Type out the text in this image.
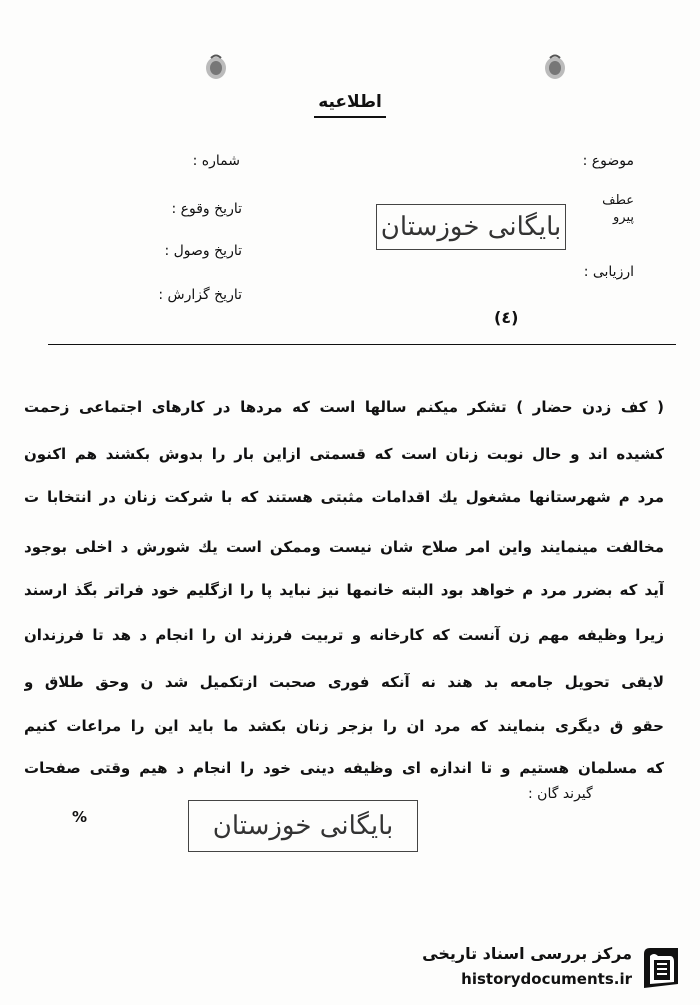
اطلاعیه
شماره :
تاریخ وقوع :
تاریخ وصول :
تاریخ گزارش :
موضوع :
عطف
پیرو
ارزیابی :
بایگانی خوزستان
(٤)
( کف زدن حضار ) تشکر میکنم سالها است که مردها در کارهای اجتماعی زحمت
کشیده اند و حال نوبت زنان است که قسمتی ازاین بار را بدوش بکشند هم اکنون
مرد م شهرستانها مشغول یك اقدامات مثبتی هستند که با شرکت زنان در انتخابا ت
مخالفت مینمایند واین امر صلاح شان نیست وممکن است یك شورش د اخلی بوجود
آید که بضرر مرد م خواهد بود البته خانمها نیز نباید پا را ازگلیم خود فراتر بگذ ارسند
زیرا وظیفه مهم زن آنست که کارخانه و تربیت فرزند ان را انجام د هد تا فرزندان
لایقی تحویل جامعه بد هند نه آنکه فوری صحبت ازتکمیل شد ن وحق طلاق و
حقو ق دیگری بنمایند که مرد ان را بزجر زنان بکشد ما باید این را مراعات کنیم
که مسلمان هستیم و تا اندازه ای وظیفه دینی خود را انجام د هیم وقتی صفحات
گیرند گان :
%	بایگانی خوزستان
مرکز بررسی اسناد تاریخی
historydocuments.ir
